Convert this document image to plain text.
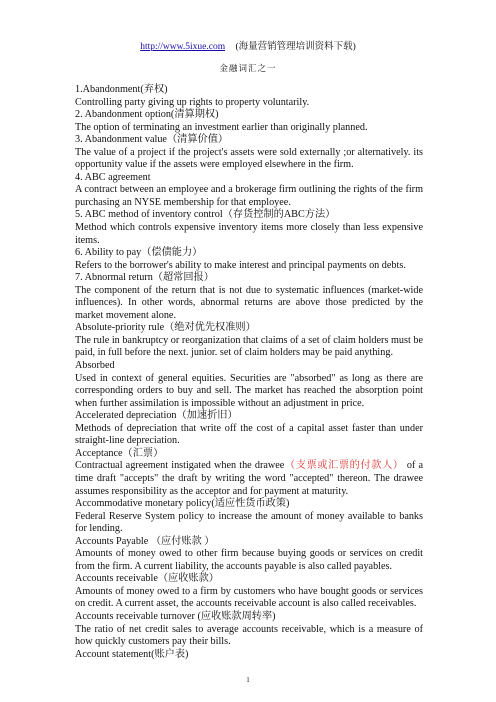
http://www.5ixue.com (海量营销管理培训资料下载)
金融词汇之一

1.Abandonment(弃权)

Controlling party giving up rights to property voluntarily.

2. Abandonment option(清算期权)

The option of terminating an investment earlier than originally planned.

3. Abandonment value（清算价值）

The value of a project if the project's assets were sold externally ;or alternatively. its opportunity value if the assets were employed elsewhere in the firm.

4. ABC agreement

A contract between an employee and a brokerage firm outlining the rights of the firm purchasing an NYSE membership for that employee.

5. ABC method of inventory control（存货控制的ABC方法）

Method which controls expensive inventory items more closely than less expensive items.

6. Ability to pay（偿债能力）

Refers to the borrower's ability to make interest and principal payments on debts.

7. Abnormal return（超常回报）

The component of the return that is not due to systematic influences (market-wide influences). In other words, abnormal returns are above those predicted by the market movement alone.

Absolute-priority rule（绝对优先权准则）

The rule in bankruptcy or reorganization that claims of a set of claim holders must be paid, in full before the next. junior. set of claim holders may be paid anything.

Absorbed

Used in context of general equities. Securities are "absorbed" as long as there are corresponding orders to buy and sell. The market has reached the absorption point when further assimilation is impossible without an adjustment in price.

Accelerated depreciation（加速折旧）

Methods of depreciation that write off the cost of a capital asset faster than under straight-line depreciation.

Acceptance（汇票）

Contractual agreement instigated when the drawee（支票或汇票的付款人） of a time draft "accepts" the draft by writing the word "accepted" thereon. The drawee assumes responsibility as the acceptor and for payment at maturity.

Accommodative monetary policy(适应性货币政策)

Federal Reserve System policy to increase the amount of money available to banks for lending.

Accounts Payable （应付账款 ）

Amounts of money owed to other firm because buying goods or services on credit from the firm. A current liability, the accounts payable is also called payables.

Accounts receivable（应收账款）

Amounts of money owed to a firm by customers who have bought goods or services on credit. A current asset, the accounts receivable account is also called receivables.

Accounts receivable turnover (应收账款周转率)

The ratio of net credit sales to average accounts receivable, which is a measure of how quickly customers pay their bills.

Account statement(账户表)

1
